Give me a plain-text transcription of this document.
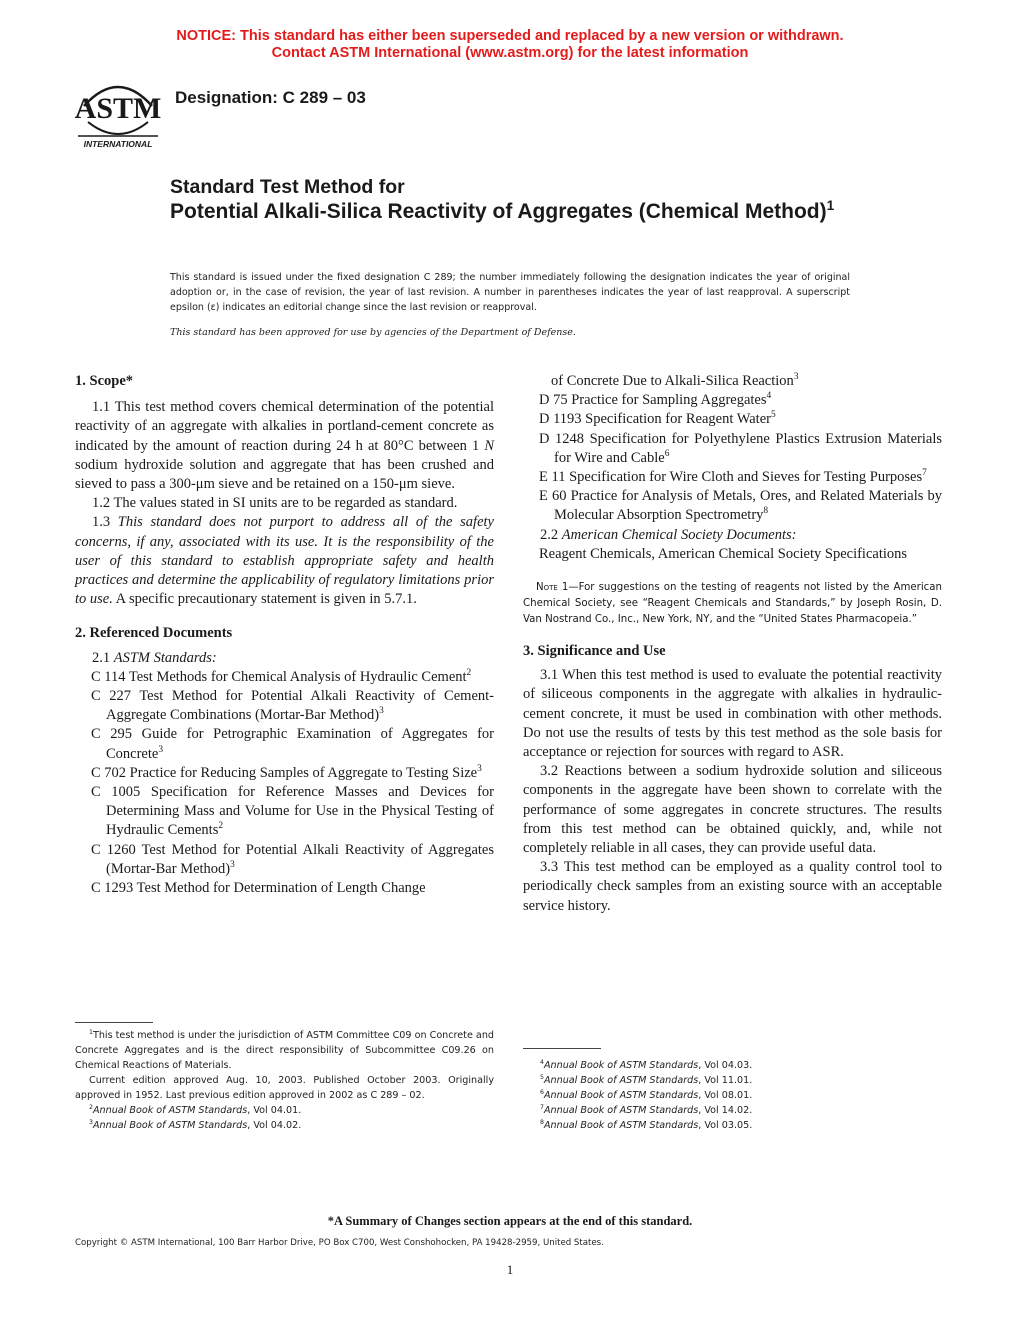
NOTICE: This standard has either been superseded and replaced by a new version or withdrawn.
Contact ASTM International (www.astm.org) for the latest information
ASTM
INTERNATIONAL
Designation: C 289 – 03
Standard Test Method for
Potential Alkali-Silica Reactivity of Aggregates (Chemical Method)$^1$
This standard is issued under the fixed designation C 289; the number immediately following the designation indicates the year of original adoption or, in the case of revision, the year of last revision. A number in parentheses indicates the year of last reapproval. A superscript epsilon (ε) indicates an editorial change since the last revision or reapproval.
This standard has been approved for use by agencies of the Department of Defense.

1. Scope*

1.1 This test method covers chemical determination of the potential reactivity of an aggregate with alkalies in portland-cement concrete as indicated by the amount of reaction during 24 h at 80°C between 1 N sodium hydroxide solution and aggregate that has been crushed and sieved to pass a 300-μm sieve and be retained on a 150-μm sieve.

1.2 The values stated in SI units are to be regarded as standard.

1.3 This standard does not purport to address all of the safety concerns, if any, associated with its use. It is the responsibility of the user of this standard to establish appropriate safety and health practices and determine the applicability of regulatory limitations prior to use. A specific precautionary statement is given in 5.7.1.

2. Referenced Documents

2.1 ASTM Standards:

C 114 Test Methods for Chemical Analysis of Hydraulic Cement$^2$

C 227 Test Method for Potential Alkali Reactivity of Cement-Aggregate Combinations (Mortar-Bar Method)$^3$

C 295 Guide for Petrographic Examination of Aggregates for Concrete$^3$

C 702 Practice for Reducing Samples of Aggregate to Testing Size$^3$

C 1005 Specification for Reference Masses and Devices for Determining Mass and Volume for Use in the Physical Testing of Hydraulic Cements$^2$

C 1260 Test Method for Potential Alkali Reactivity of Aggregates (Mortar-Bar Method)$^3$

C 1293 Test Method for Determination of Length Change

of Concrete Due to Alkali-Silica Reaction$^3$

D 75 Practice for Sampling Aggregates$^4$

D 1193 Specification for Reagent Water$^5$

D 1248 Specification for Polyethylene Plastics Extrusion Materials for Wire and Cable$^6$

E 11 Specification for Wire Cloth and Sieves for Testing Purposes$^7$

E 60 Practice for Analysis of Metals, Ores, and Related Materials by Molecular Absorption Spectrometry$^8$

2.2 American Chemical Society Documents:

Reagent Chemicals, American Chemical Society Specifications

Note 1—For suggestions on the testing of reagents not listed by the American Chemical Society, see “Reagent Chemicals and Standards,” by Joseph Rosin, D. Van Nostrand Co., Inc., New York, NY, and the “United States Pharmacopeia.”

3. Significance and Use

3.1 When this test method is used to evaluate the potential reactivity of siliceous components in the aggregate with alkalies in hydraulic-cement concrete, it must be used in combination with other methods. Do not use the results of tests by this test method as the sole basis for acceptance or rejection for sources with regard to ASR.

3.2 Reactions between a sodium hydroxide solution and siliceous components in the aggregate have been shown to correlate with the performance of some aggregates in concrete structures. The results from this test method can be obtained quickly, and, while not completely reliable in all cases, they can provide useful data.

3.3 This test method can be employed as a quality control tool to periodically check samples from an existing source with an acceptable service history.

$^1$This test method is under the jurisdiction of ASTM Committee C09 on Concrete and Concrete Aggregates and is the direct responsibility of Subcommittee C09.26 on Chemical Reactions of Materials.
Current edition approved Aug. 10, 2003. Published October 2003. Originally approved in 1952. Last previous edition approved in 2002 as C 289 – 02.
$^2$Annual Book of ASTM Standards, Vol 04.01.
$^3$Annual Book of ASTM Standards, Vol 04.02.
$^4$Annual Book of ASTM Standards, Vol 04.03.
$^5$Annual Book of ASTM Standards, Vol 11.01.
$^6$Annual Book of ASTM Standards, Vol 08.01.
$^7$Annual Book of ASTM Standards, Vol 14.02.
$^8$Annual Book of ASTM Standards, Vol 03.05.
*A Summary of Changes section appears at the end of this standard.
Copyright © ASTM International, 100 Barr Harbor Drive, PO Box C700, West Conshohocken, PA 19428-2959, United States.
1
